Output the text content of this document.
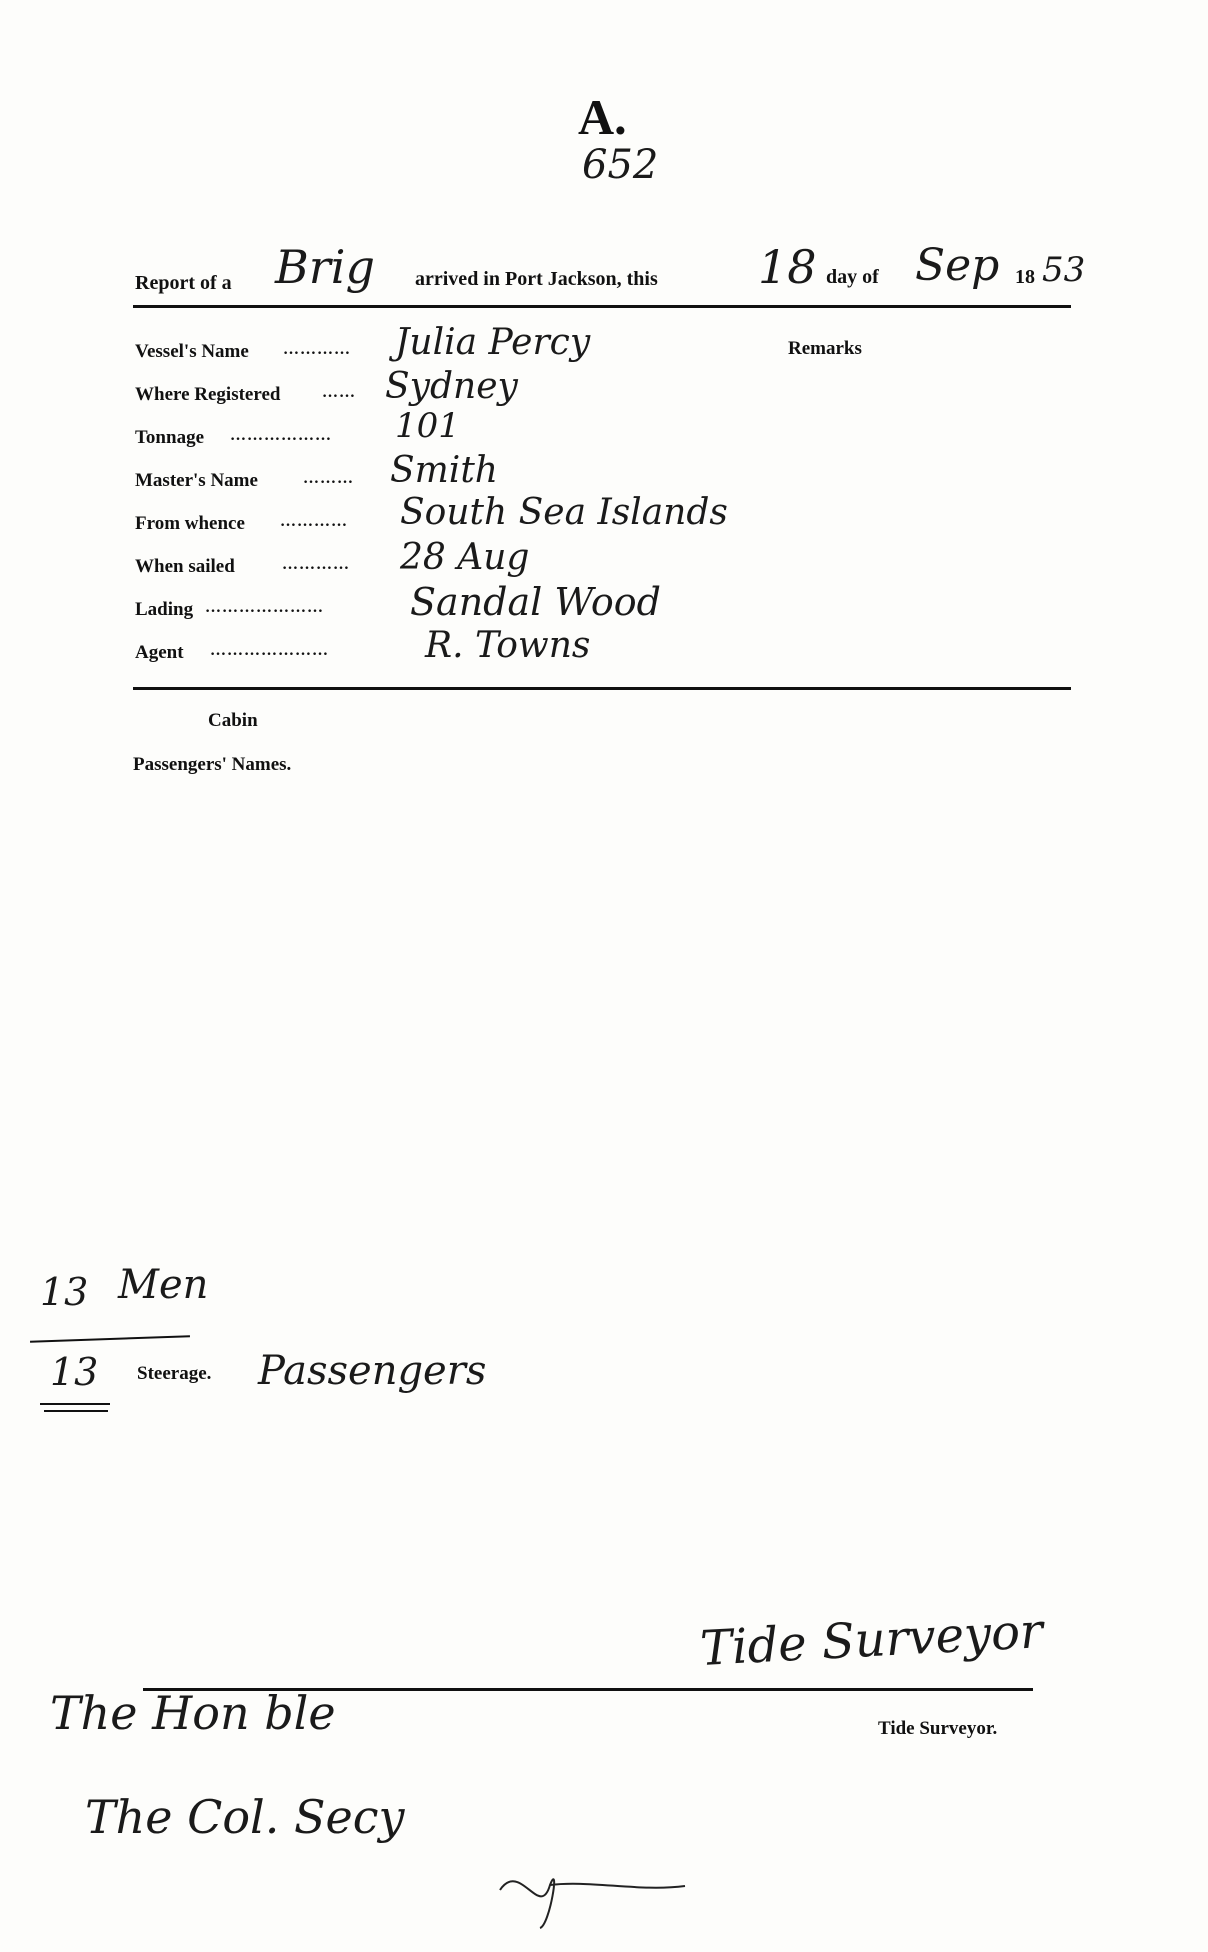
A.
652
Report of a Brig arrived in Port Jackson, this 18 day of Sep 18 53
Vessel's Name ………… Julia Percy
Where Registered	…… Sydney
Tonnage ……………… 101
Master's Name	……… Smith
From whence ………… South Sea Islands
When sailed	………… 28 Aug
Lading ………………… Sandal Wood
Agent …………………	R. Towns
Remarks
Cabin
Passengers' Names.
13 Men
13 Steerage. Passengers
Tide Surveyor
Tide Surveyor.
The Hon ble
The Col. Secy
